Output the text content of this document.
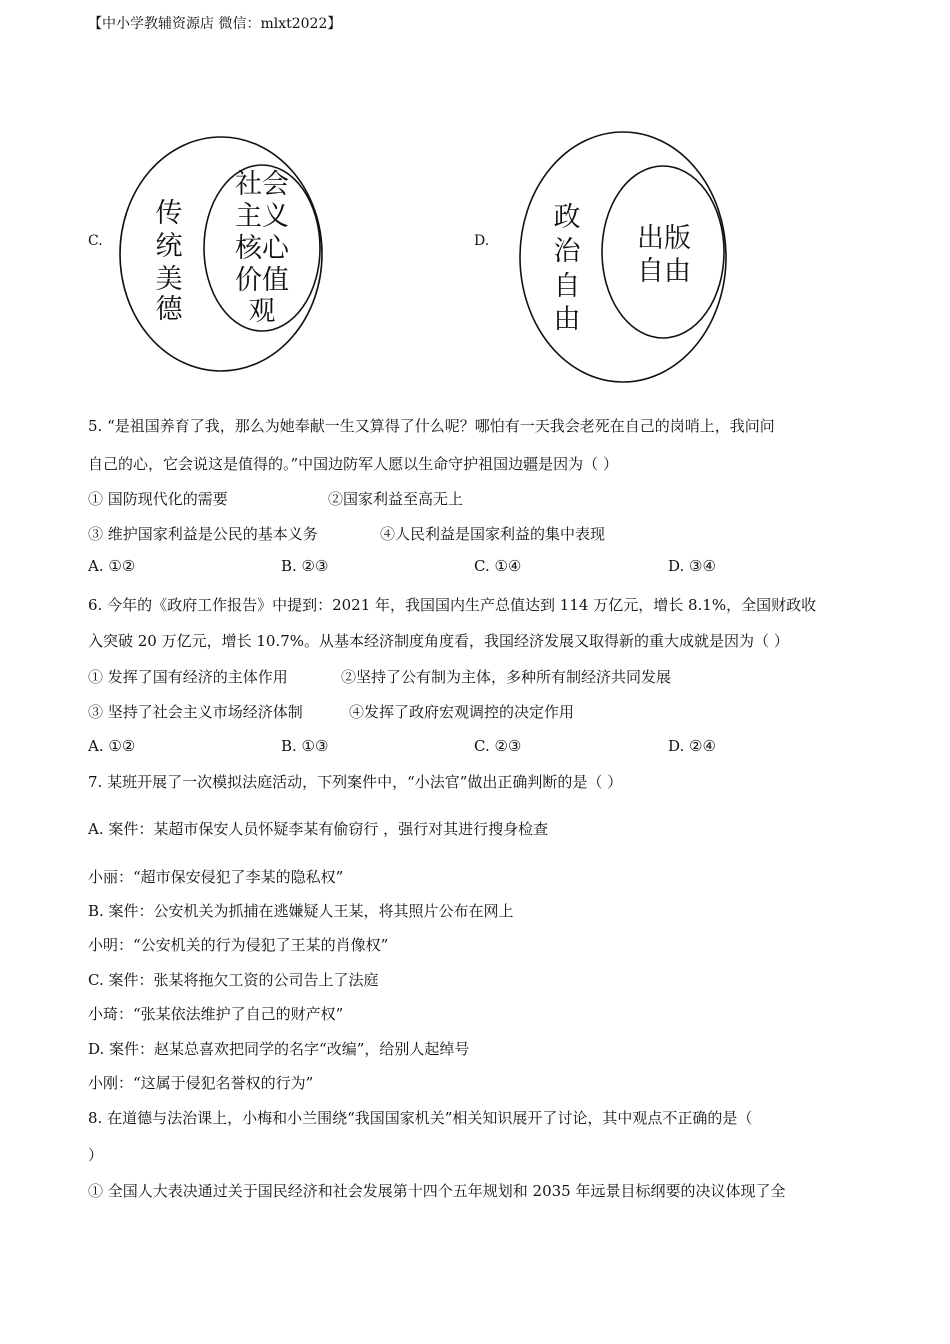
【中小学教辅资源店 微信：mlxt2022】
C.	D.
传
统
美
德
社会
主义
核心
价值
观
政
治
自
由
出版
自由
5. “是祖国养育了我，那么为她奉献一生又算得了什么呢？哪怕有一天我会老死在自己的岗哨上，我问问
自己的心，它会说这是值得的。”中国边防军人愿以生命守护祖国边疆是因为（ ）
① 国防现代化的需要	②国家利益至高无上
③ 维护国家利益是公民的基本义务	④人民利益是国家利益的集中表现
A. ①②	B. ②③	C. ①④	D. ③④
6. 今年的《政府工作报告》中提到：2021 年，我国国内生产总值达到 114 万亿元，增长 8.1%，全国财政收
入突破 20 万亿元，增长 10.7%。从基本经济制度角度看，我国经济发展又取得新的重大成就是因为（ ）
① 发挥了国有经济的主体作用	②坚持了公有制为主体，多种所有制经济共同发展
③ 坚持了社会主义市场经济体制	④发挥了政府宏观调控的决定作用
A. ①②	B. ①③	C. ②③	D. ②④
7. 某班开展了一次模拟法庭活动，下列案件中，“小法官”做出正确判断的是（ ）
A. 案件：某超市保安人员怀疑李某有偷窃行 ，强行对其进行搜身检查
小丽：“超市保安侵犯了李某的隐私权”
B. 案件：公安机关为抓捕在逃嫌疑人王某，将其照片公布在网上
小明：“公安机关的行为侵犯了王某的肖像权”
C. 案件：张某将拖欠工资的公司告上了法庭
小琦：“张某依法维护了自己的财产权”
D. 案件：赵某总喜欢把同学的名字“改编”，给别人起绰号
小刚：“这属于侵犯名誉权的行为”
8. 在道德与法治课上，小梅和小兰围绕“我国国家机关”相关知识展开了讨论，其中观点不正确的是（
）
① 全国人大表决通过关于国民经济和社会发展第十四个五年规划和 2035 年远景目标纲要的决议体现了全
